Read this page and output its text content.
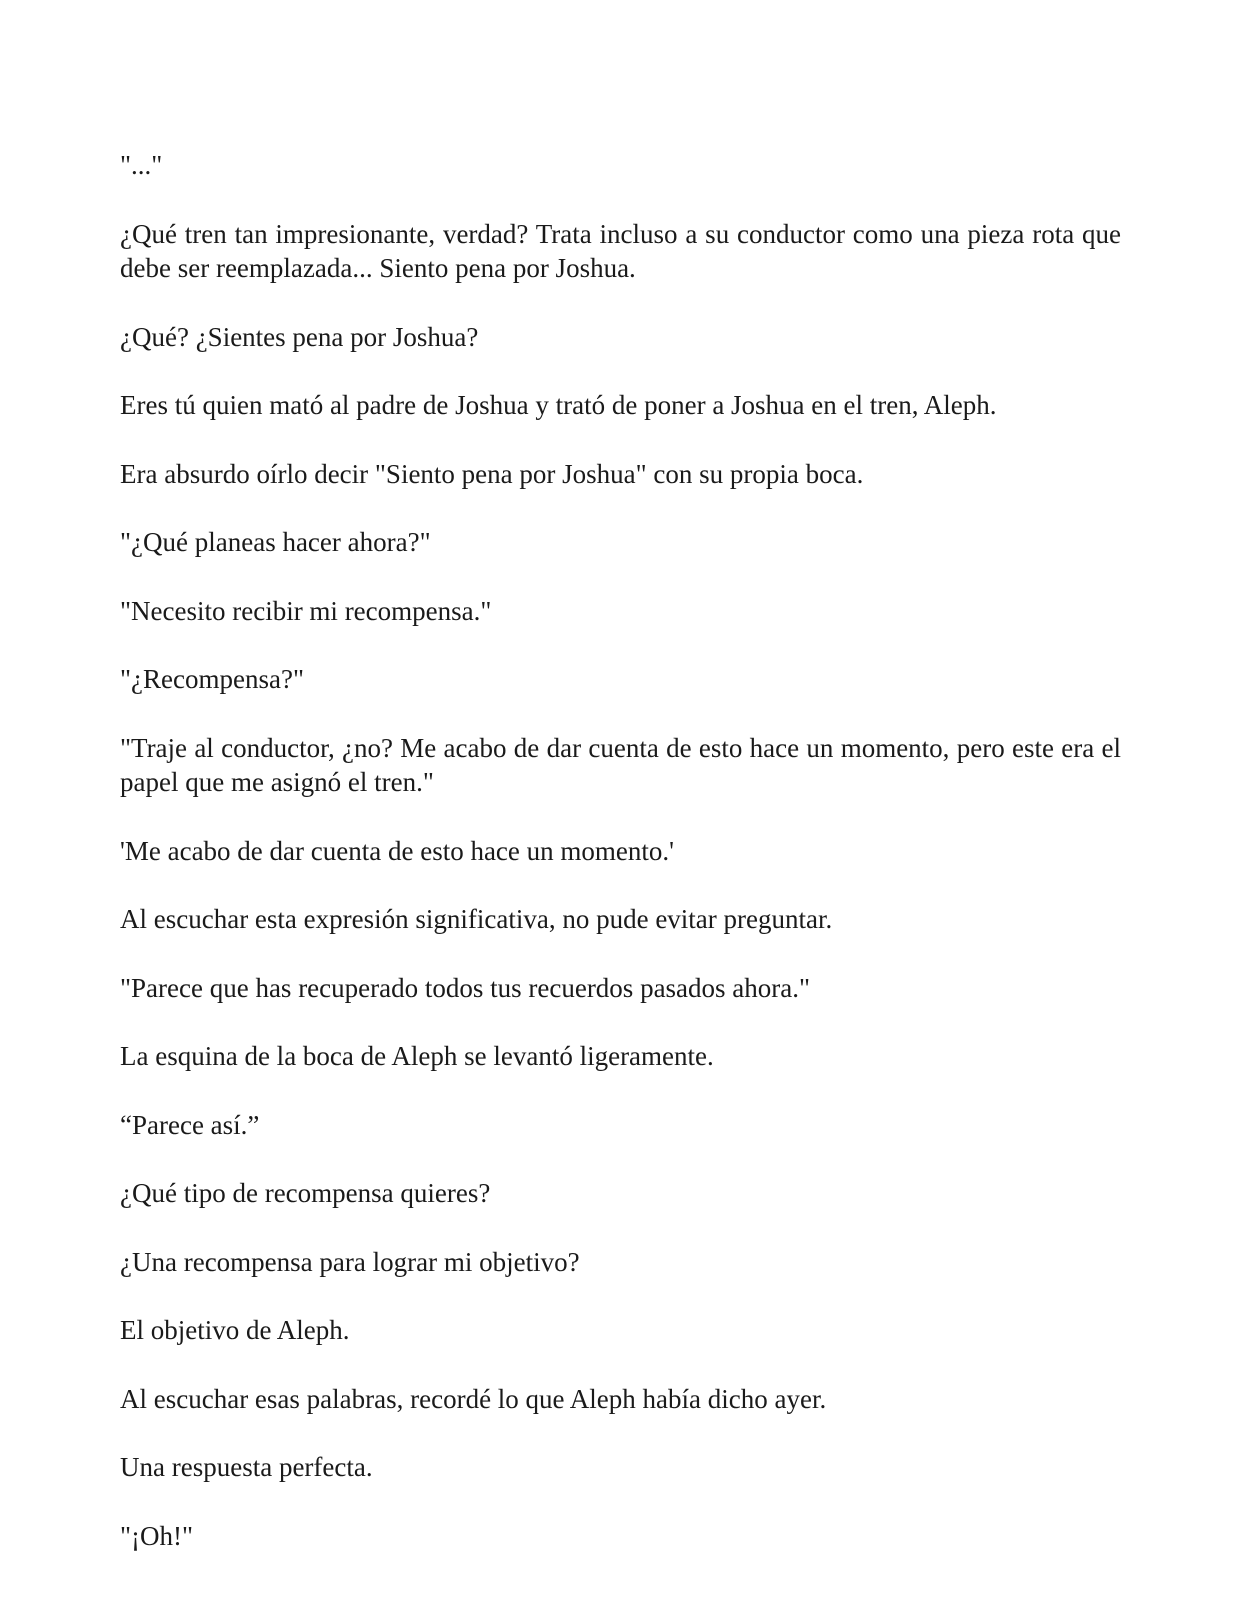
"..."

¿Qué tren tan impresionante, verdad? Trata incluso a su conductor como una pieza rota que debe ser reemplazada... Siento pena por Joshua.

¿Qué? ¿Sientes pena por Joshua?

Eres tú quien mató al padre de Joshua y trató de poner a Joshua en el tren, Aleph.

Era absurdo oírlo decir "Siento pena por Joshua" con su propia boca.

"¿Qué planeas hacer ahora?"

"Necesito recibir mi recompensa."

"¿Recompensa?"

"Traje al conductor, ¿no? Me acabo de dar cuenta de esto hace un momento, pero este era el papel que me asignó el tren."

'Me acabo de dar cuenta de esto hace un momento.'

Al escuchar esta expresión significativa, no pude evitar preguntar.

"Parece que has recuperado todos tus recuerdos pasados ahora."

La esquina de la boca de Aleph se levantó ligeramente.

“Parece así.”

¿Qué tipo de recompensa quieres?

¿Una recompensa para lograr mi objetivo?

El objetivo de Aleph.

Al escuchar esas palabras, recordé lo que Aleph había dicho ayer.

Una respuesta perfecta.

"¡Oh!"
